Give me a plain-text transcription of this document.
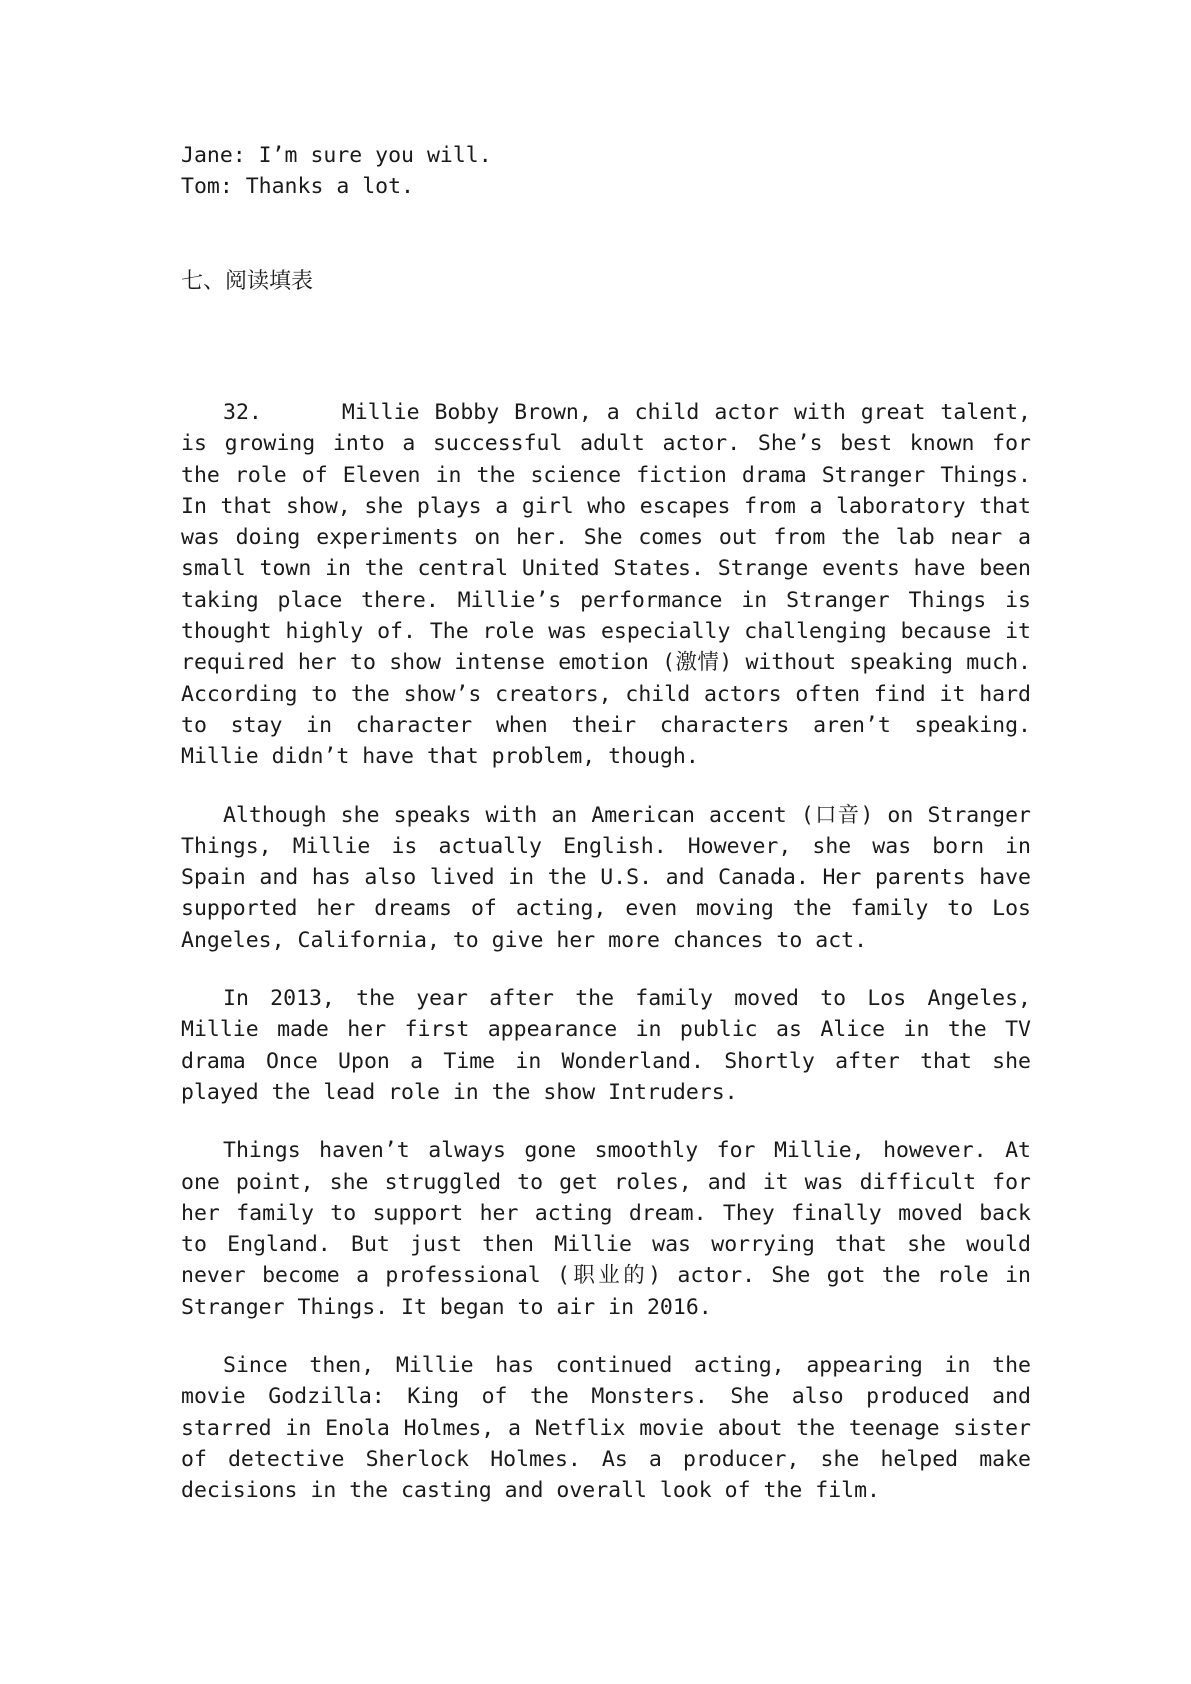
Jane: I’m sure you will.

Tom: Thanks a lot.

七、阅读填表

32.	Millie Bobby Brown, a child actor with great talent, is growing into a successful adult actor. She’s best known for the role of Eleven in the science fiction drama Stranger Things. In that show, she plays a girl who escapes from a laboratory that was doing experiments on her. She comes out from the lab near a small town in the central United States. Strange events have been taking place there. Millie’s performance in Stranger Things is thought highly of. The role was especially challenging because it required her to show intense emotion (激情) without speaking much. According to the show’s creators, child actors often find it hard to stay in character when their characters aren’t speaking. Millie didn’t have that problem, though.

Although she speaks with an American accent (口音) on Stranger Things, Millie is actually English. However, she was born in Spain and has also lived in the U.S. and Canada. Her parents have supported her dreams of acting, even moving the family to Los Angeles, California, to give her more chances to act.

In 2013, the year after the family moved to Los Angeles, Millie made her first appearance in public as Alice in the TV drama Once Upon a Time in Wonderland. Shortly after that she played the lead role in the show Intruders.

Things haven’t always gone smoothly for Millie, however. At one point, she struggled to get roles, and it was difficult for her family to support her acting dream. They finally moved back to England. But just then Millie was worrying that she would never become a professional (职业的) actor. She got the role in Stranger Things. It began to air in 2016.

Since then, Millie has continued acting, appearing in the movie Godzilla: King of the Monsters. She also produced and starred in Enola Holmes, a Netflix movie about the teenage sister of detective Sherlock Holmes. As a producer, she helped make decisions in the casting and overall look of the film.
